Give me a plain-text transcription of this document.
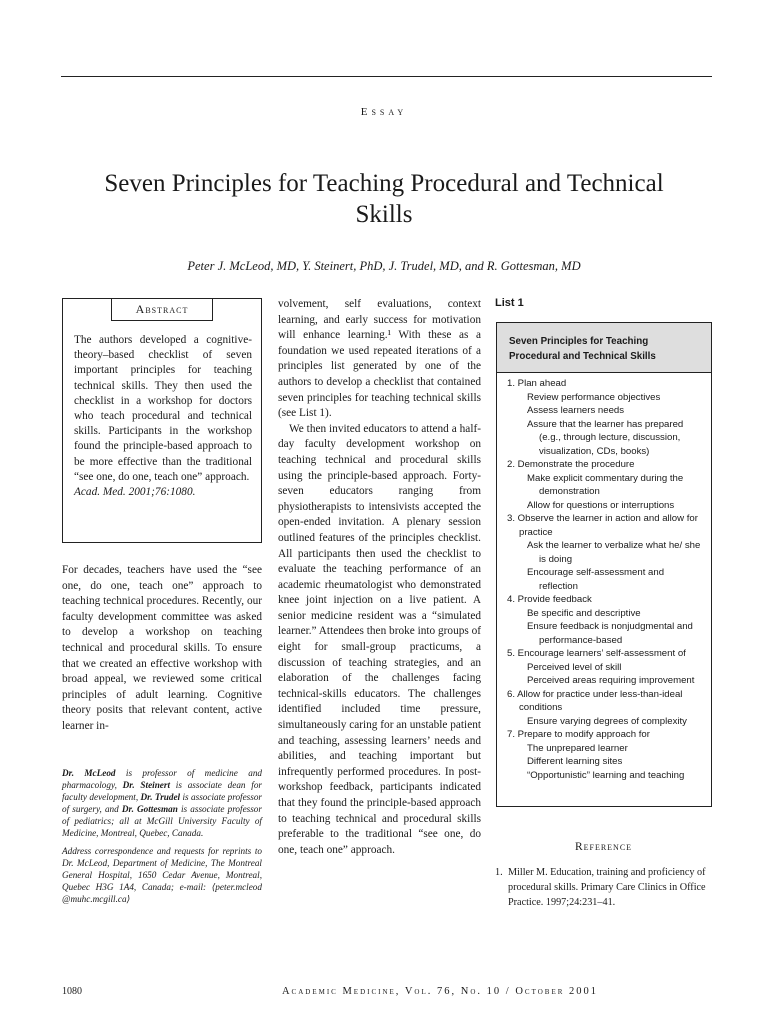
Essay
Seven Principles for Teaching Procedural and Technical Skills
Peter J. McLeod, MD, Y. Steinert, PhD, J. Trudel, MD, and R. Gottesman, MD
Abstract
The authors developed a cognitive-theory–based checklist of seven important principles for teaching technical skills. They then used the checklist in a workshop for doctors who teach procedural and technical skills. Participants in the workshop found the principle-based approach to be more effective than the traditional “see one, do one, teach one” approach.
Acad. Med. 2001;76:1080.

For decades, teachers have used the “see one, do one, teach one” approach to teaching technical procedures. Recently, our faculty development committee was asked to develop a workshop on teaching technical and procedural skills. To ensure that we created an effective workshop with broad appeal, we reviewed some critical principles of adult learning. Cognitive theory posits that relevant content, active learner in-

Dr. McLeod is professor of medicine and pharmacology, Dr. Steinert is associate dean for faculty development, Dr. Trudel is associate professor of surgery, and Dr. Gottesman is associate professor of pediatrics; all at McGill University Faculty of Medicine, Montreal, Quebec, Canada.

Address correspondence and requests for reprints to Dr. McLeod, Department of Medicine, The Montreal General Hospital, 1650 Cedar Avenue, Montreal, Quebec H3G 1A4, Canada; e-mail: ⟨peter.mcleod @muhc.mcgill.ca⟩

volvement, self evaluations, context learning, and early success for motivation will enhance learning.¹ With these as a foundation we used repeated iterations of a principles list generated by one of the authors to develop a checklist that contained seven principles for teaching technical skills (see List 1).

We then invited educators to attend a half-day faculty development workshop on teaching technical and procedural skills using the principle-based approach. Forty-seven educators ranging from physiotherapists to intensivists accepted the open-ended invitation. A plenary session outlined features of the principles checklist. All participants then used the checklist to evaluate the teaching performance of an academic rheumatologist who demonstrated knee joint injection on a live patient. A senior medicine resident was a “simulated learner.” Attendees then broke into groups of eight for small-group practicums, a discussion of teaching strategies, and an elaboration of the challenges facing technical-skills educators. The challenges identified included time pressure, simultaneously caring for an unstable patient and teaching, assessing learners’ needs and abilities, and teaching important but infrequently performed procedures. In post-workshop feedback, participants indicated that they found the principle-based approach to teaching technical and procedural skills preferable to the traditional “see one, do one, teach one” approach.

List 1
Seven Principles for Teaching Procedural and Technical Skills
1. Plan ahead
Review performance objectives
Assess learners needs
Assure that the learner has prepared (e.g., through lecture, discussion, visualization, CDs, books)
2. Demonstrate the procedure
Make explicit commentary during the demonstration
Allow for questions or interruptions
3. Observe the learner in action and allow for practice
Ask the learner to verbalize what he/ she is doing
Encourage self-assessment and reflection
4. Provide feedback
Be specific and descriptive
Ensure feedback is nonjudgmental and performance-based
5. Encourage learners’ self-assessment of
Perceived level of skill
Perceived areas requiring improvement
6. Allow for practice under less-than-ideal conditions
Ensure varying degrees of complexity
7. Prepare to modify approach for
The unprepared learner
Different learning sites
“Opportunistic” learning and teaching
Reference
1. Miller M. Education, training and proficiency of procedural skills. Primary Care Clinics in Office Practice. 1997;24:231–41.
1080	Academic Medicine, Vol. 76, No. 10 / October 2001
